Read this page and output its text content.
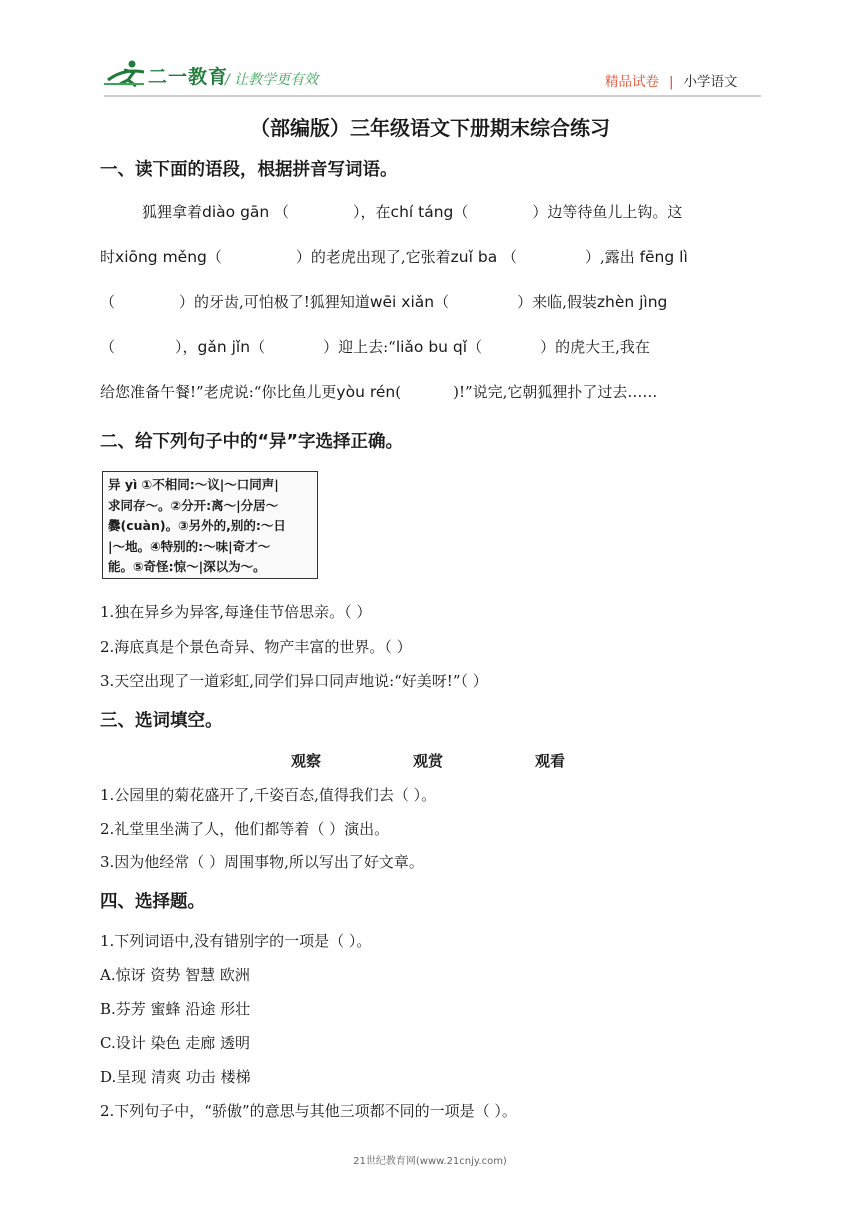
二一教育
/ 让教学更有效	精品试卷 | 小学语文
（部编版）三年级语文下册期末综合练习
一、读下面的语段，根据拼音写词语。

狐狸拿着diào gān （	），在chí táng（	）边等待鱼儿上钩。这

时xiōng měng（	）的老虎出现了,它张着zuǐ ba （	）,露出 fēng lì

（	）的牙齿,可怕极了!狐狸知道wēi xiǎn（	）来临,假装zhèn jìng

（	），gǎn jǐn（	）迎上去:“liǎo bu qǐ（	）的虎大王,我在

给您准备午餐!”老虎说:“你比鱼儿更yòu rén(	)!”说完,它朝狐狸扑了过去……

二、给下列句子中的“异”字选择正确。
异 yì ①不相同:～议|～口同声|
求同存～。②分开:离～|分居～
爨(cuàn)。③另外的,别的:～日
|～地。④特别的:～味|奇才～
能。⑤奇怪:惊～|深以为～。
1.独在异乡为异客,每逢佳节倍思亲。（ ）
2.海底真是个景色奇异、物产丰富的世界。（ ）
3.天空出现了一道彩虹,同学们异口同声地说:“好美呀!”（ ）
三、选词填空。
观察	观赏	观看
1.公园里的菊花盛开了,千姿百态,值得我们去（ ）。
2.礼堂里坐满了人，他们都等着（ ）演出。
3.因为他经常（ ）周围事物,所以写出了好文章。
四、选择题。
1.下列词语中,没有错别字的一项是（ ）。
A.惊讶 资势 智慧 欧洲
B.芬芳 蜜蜂 沿途 形壮
C.设计 染色 走廊 透明
D.呈现 清爽 功击 楼梯
2.下列句子中，“骄傲”的意思与其他三项都不同的一项是（ ）。
21世纪教育网(www.21cnjy.com)
